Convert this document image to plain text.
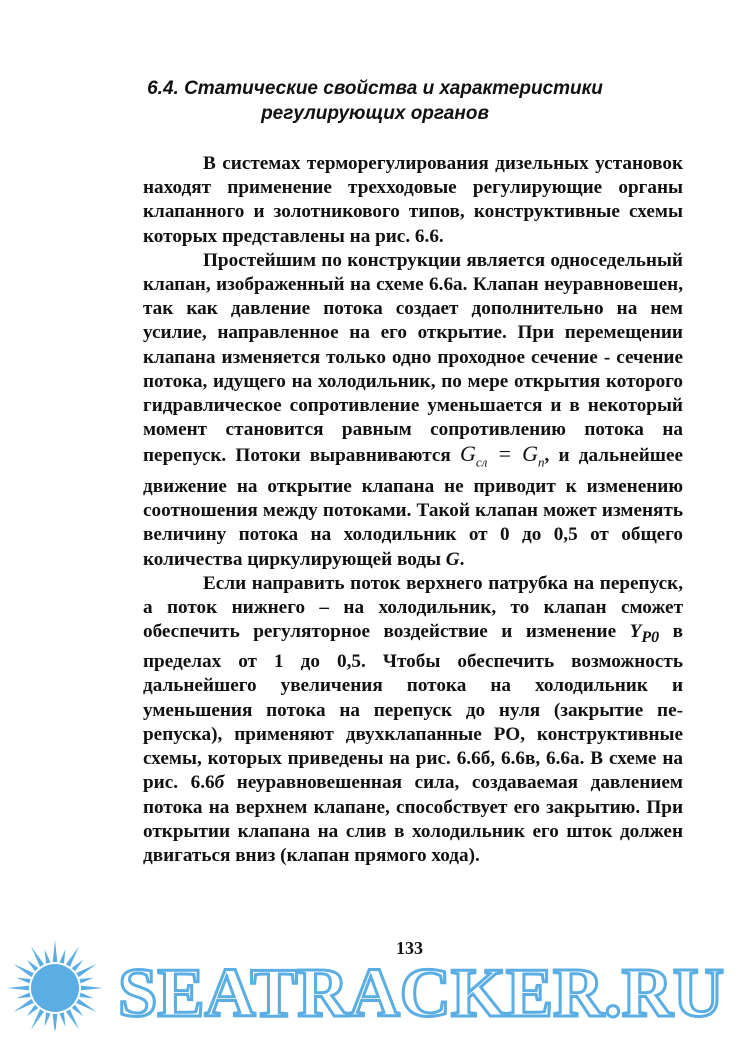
6.4. Статические свойства и характеристики
регулирующих органов

В системах терморегулирования дизельных установок находят применение трехходовые регулирующие органы клапанного и золотникового типов, конструктивные схемы которых представлены на рис. 6.6.

Простейшим по конструкции является односедельный клапан, изображенный на схеме 6.6а. Клапан неуравновешен, так как давление потока создает дополнительно на нем усилие, направленное на его открытие. При перемещении клапана изменяется только одно проходное сечение - сечение потока, идущего на холодильник, по мере открытия которого гидравлическое сопротивление уменьшается и в некоторый момент становится равным сопротивлению потока на перепуск. Потоки выравниваются $G_{сл} = G_п$, и дальнейшее движение на открытие клапана не приводит к изменению соотношения между потоками. Такой клапан может изменять величину потока на холодильник от 0 до 0,5 от общего количества циркулирующей воды G.

Если направить поток верхнего патрубка на перепуск, а поток нижнего – на холодильник, то клапан сможет обеспечить регуляторное воздействие и изменение $Y_{P0}$ в пределах от 1 до 0,5. Чтобы обеспечить возможность дальнейшего увеличения потока на холодильник и уменьшения потока на перепуск до нуля (закрытие перепуска), применяют двухклапанные РО, конструктивные схемы, которых приведены на рис. 6.6б, 6.6в, 6.6а. В схеме на рис. 6.6б неуравновешенная сила, создаваемая давлением потока на верхнем клапане, способствует его закрытию. При открытии клапана на слив в холодильник его шток должен двигаться вниз (клапан прямого хода).

SEATRACKER.RU
133
